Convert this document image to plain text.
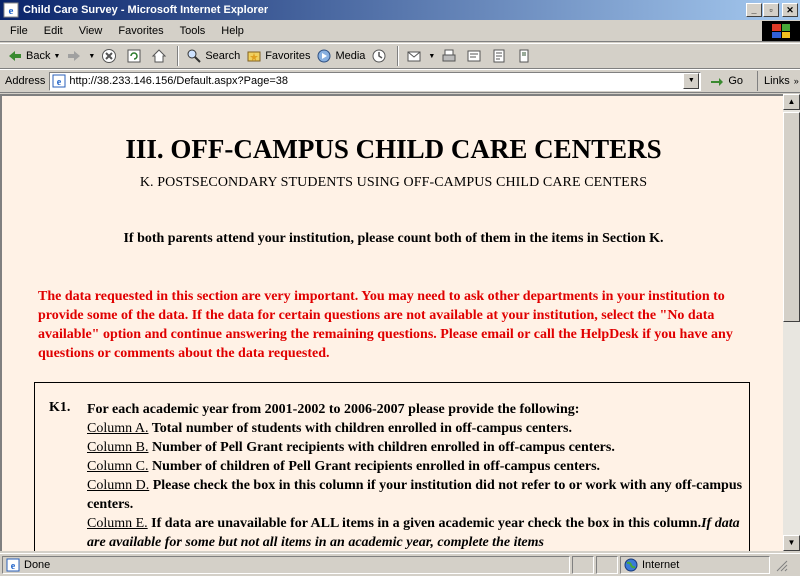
e Child Care Survey - Microsoft Internet Explorer	_	▫	✕
File	Edit	View	Favorites	Tools	Help
Back ▼	▼	Search Favorites Media	▼
Address e
http://38.233.146.156/Default.aspx?Page=38	▼	Go Links »
III. OFF-CAMPUS CHILD CARE CENTERS
K. POSTSECONDARY STUDENTS USING OFF-CAMPUS CHILD CARE CENTERS
If both parents attend your institution, please count both of them in the items in Section K.
The data requested in this section are very important. You may need to ask other departments in your institution to provide some of the data. If the data for certain questions are not available at your institution, select the "No data available" option and continue answering the remaining questions. Please email or call the HelpDesk if you have any questions or comments about the data requested.
K1. For each academic year from 2001-2002 to 2006-2007 please provide the following:
Column A. Total number of students with children enrolled in off-campus centers.
Column B. Number of Pell Grant recipients with children enrolled in off-campus centers.
Column C. Number of children of Pell Grant recipients enrolled in off-campus centers.
Column D. Please check the box in this column if your institution did not refer to or work with any off-campus centers.
Column E. If data are unavailable for ALL items in a given academic year check the box in this column.If data are available for some but not all items in an academic year, complete the items
▲
▼
e Done	Internet
